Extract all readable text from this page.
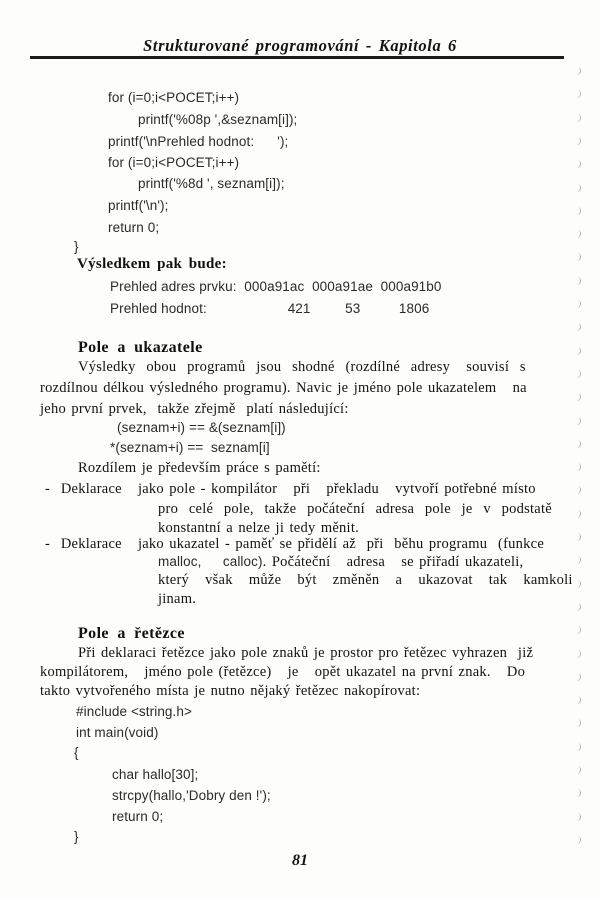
Strukturované programování - Kapitola 6
for (i=0;i<POCET;i++)
printf('%08p ',&seznam[i]);
printf('\nPrehled hodnot:      ');
for (i=0;i<POCET;i++)
printf('%8d ', seznam[i]);
printf('\n');
return 0;
}
Výsledkem pak bude:
Prehled adres prvku:  000a91ac  000a91ae  000a91b0
Prehled hodnot:                     421         53          1806
Pole a ukazatele
Výsledky  obou  programů  jsou  shodné  (rozdílné  adresy   souvisí  s
rozdílnou délkou výsledného programu). Navic je jméno pole ukazatelem   na
jeho první prvek,  takže zřejmě  platí následující:
(seznam+i) == &(seznam[i])
*(seznam+i) ==  seznam[i]
Rozdílem je především práce s pamětí:
-  Deklarace   jako pole - kompilátor   při   překladu   vytvoří potřebné místo
pro  celé  pole,  takže  počáteční  adresa  pole  je  v  podstatě
konstantní a nelze ji tedy měnit.
-  Deklarace   jako ukazatel - paměť se přidělí až  při  běhu programu  (funkce
malloc,    calloc). Počáteční   adresa   se přiřadí ukazateli,
který   však   může   být   změněn   a   ukazovat   tak   kamkoli
jinam.
Pole a řetězce
Při deklaraci řetězce jako pole znaků je prostor pro řetězec vyhrazen  již
kompilátorem,   jméno pole (řetězce)   je   opět ukazatel na první znak.   Do
takto vytvořeného místa je nutno nějaký řetězec nakopírovat:
#include <string.h>
int main(void)
{
char hallo[30];
strcpy(hallo,'Dobry den !');
return 0;
}
81
